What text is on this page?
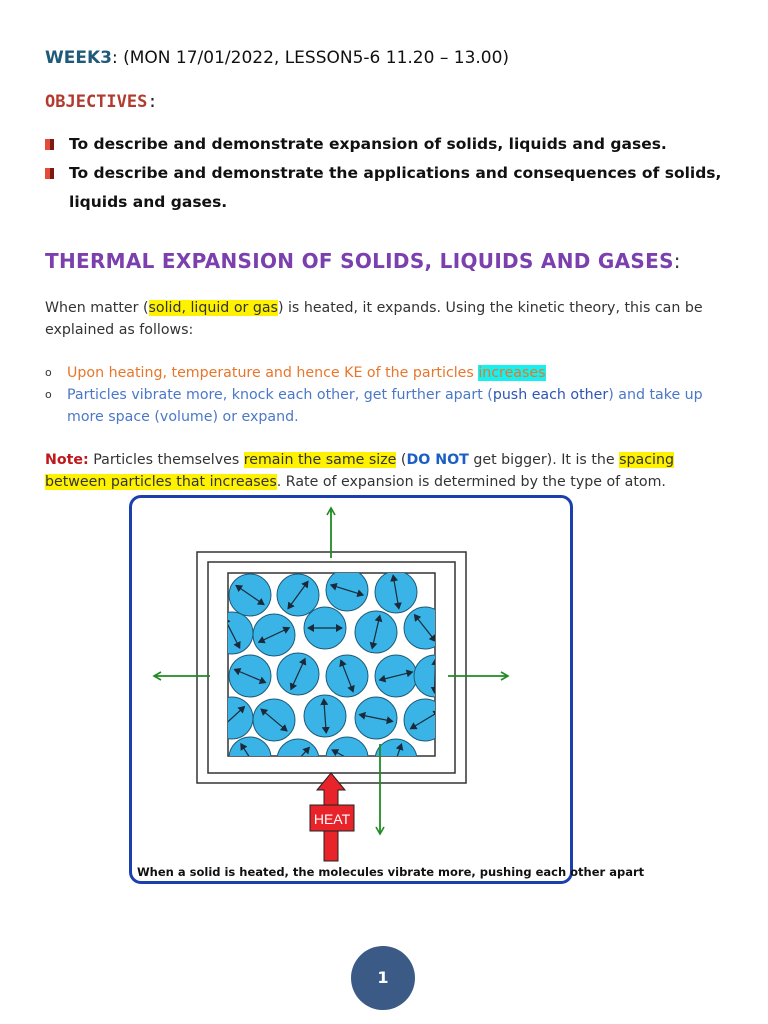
WEEK3: (MON 17/01/2022, LESSON5-6 11.20 – 13.00)
OBJECTIVES:
To describe and demonstrate expansion of solids, liquids and gases.
To describe and demonstrate the applications and consequences of solids, liquids and gases.
THERMAL EXPANSION OF SOLIDS, LIQUIDS AND GASES:
When matter (solid, liquid or gas) is heated, it expands. Using the kinetic theory, this can be explained as follows:
o Upon heating, temperature and hence KE of the particles increases
o Particles vibrate more, knock each other, get further apart (push each other) and take up more space (volume) or expand.
Note: Particles themselves remain the same size (DO NOT get bigger). It is the spacing between particles that increases. Rate of expansion is determined by the type of atom.
HEAT
When a solid is heated, the molecules vibrate more, pushing each other apart
1
